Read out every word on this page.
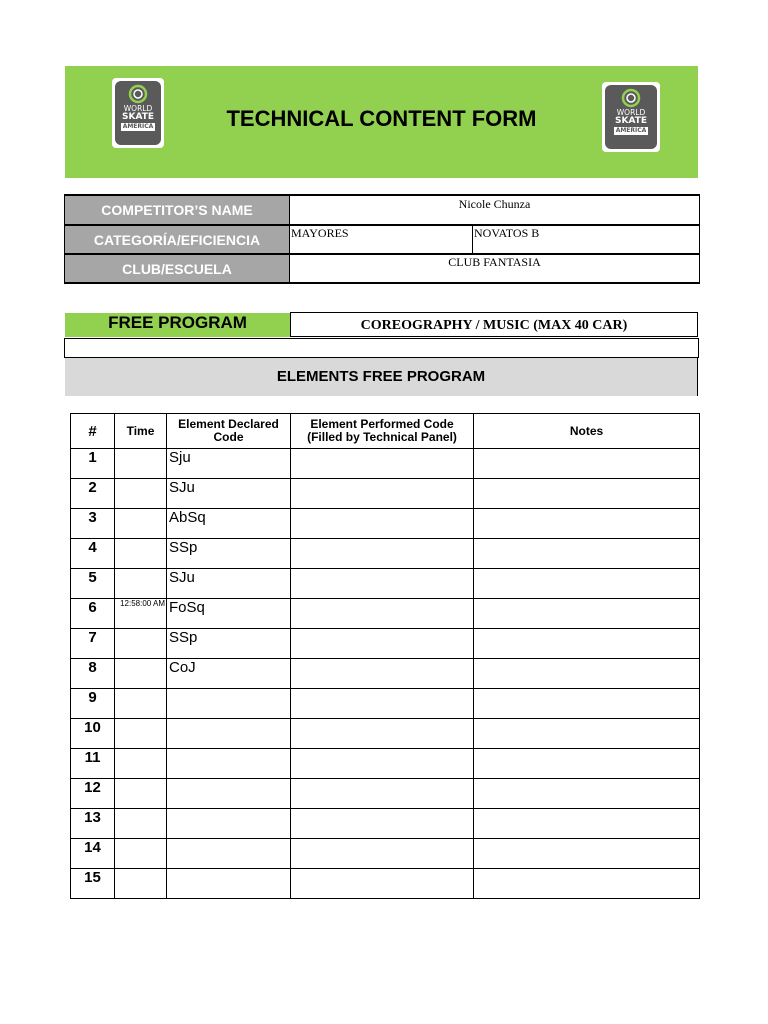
WORLD
SKATE
AMERICA	TECHNICAL CONTENT FORM	WORLD
SKATE
AMERICA
COMPETITOR’S NAME	Nicole Chunza	
CATEGORÍA/EFICIENCIA	MAYORES	NOVATOS B
CLUB/ESCUELA	CLUB FANTASIA	
FREE PROGRAM	COREOGRAPHY / MUSIC (MAX 40 CAR)
ELEMENTS FREE PROGRAM
#	Time	Element Declared Code	Element Performed Code (Filled by Technical Panel)	Notes
1		Sju		
2		SJu		
3		AbSq		
4		SSp		
5		SJu		
6	12:58:00 AM	FoSq		
7		SSp		
8		CoJ		
9				
10				
11				
12				
13				
14				
15				
